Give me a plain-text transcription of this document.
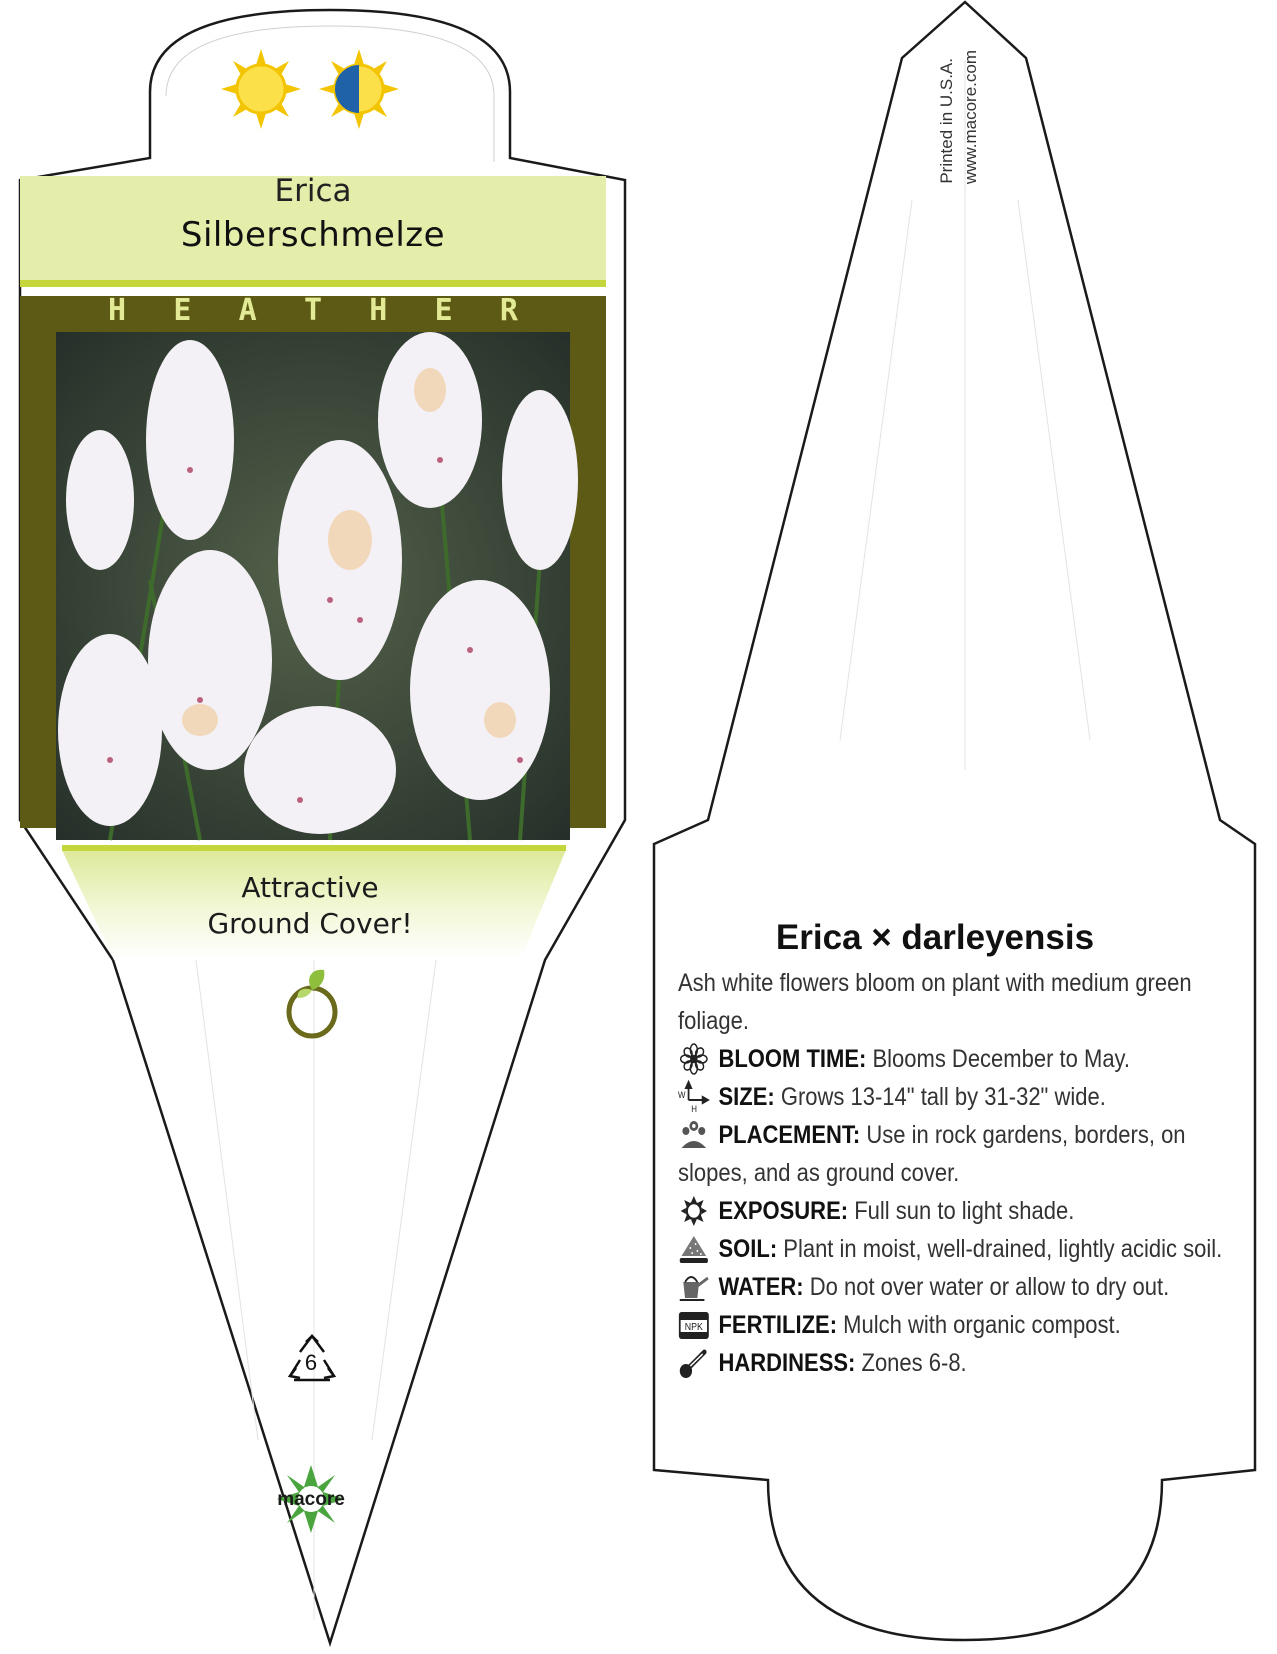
Erica
Silberschmelze
H E A T H E R
Attractive
Ground Cover!
6
macore
Printed in U.S.A. www.macore.com
Erica × darleyensis

Ash white flowers bloom on plant with medium green foliage.

BLOOM TIME: Blooms December to May.

W
H SIZE: Grows 13-14" tall by 31-32" wide.

PLACEMENT: Use in rock gardens, borders, on slopes, and as ground cover.

EXPOSURE: Full sun to light shade.

SOIL: Plant in moist, well-drained, lightly acidic soil.

WATER: Do not over water or allow to dry out.

NPK FERTILIZE: Mulch with organic compost.

HARDINESS: Zones 6-8.
